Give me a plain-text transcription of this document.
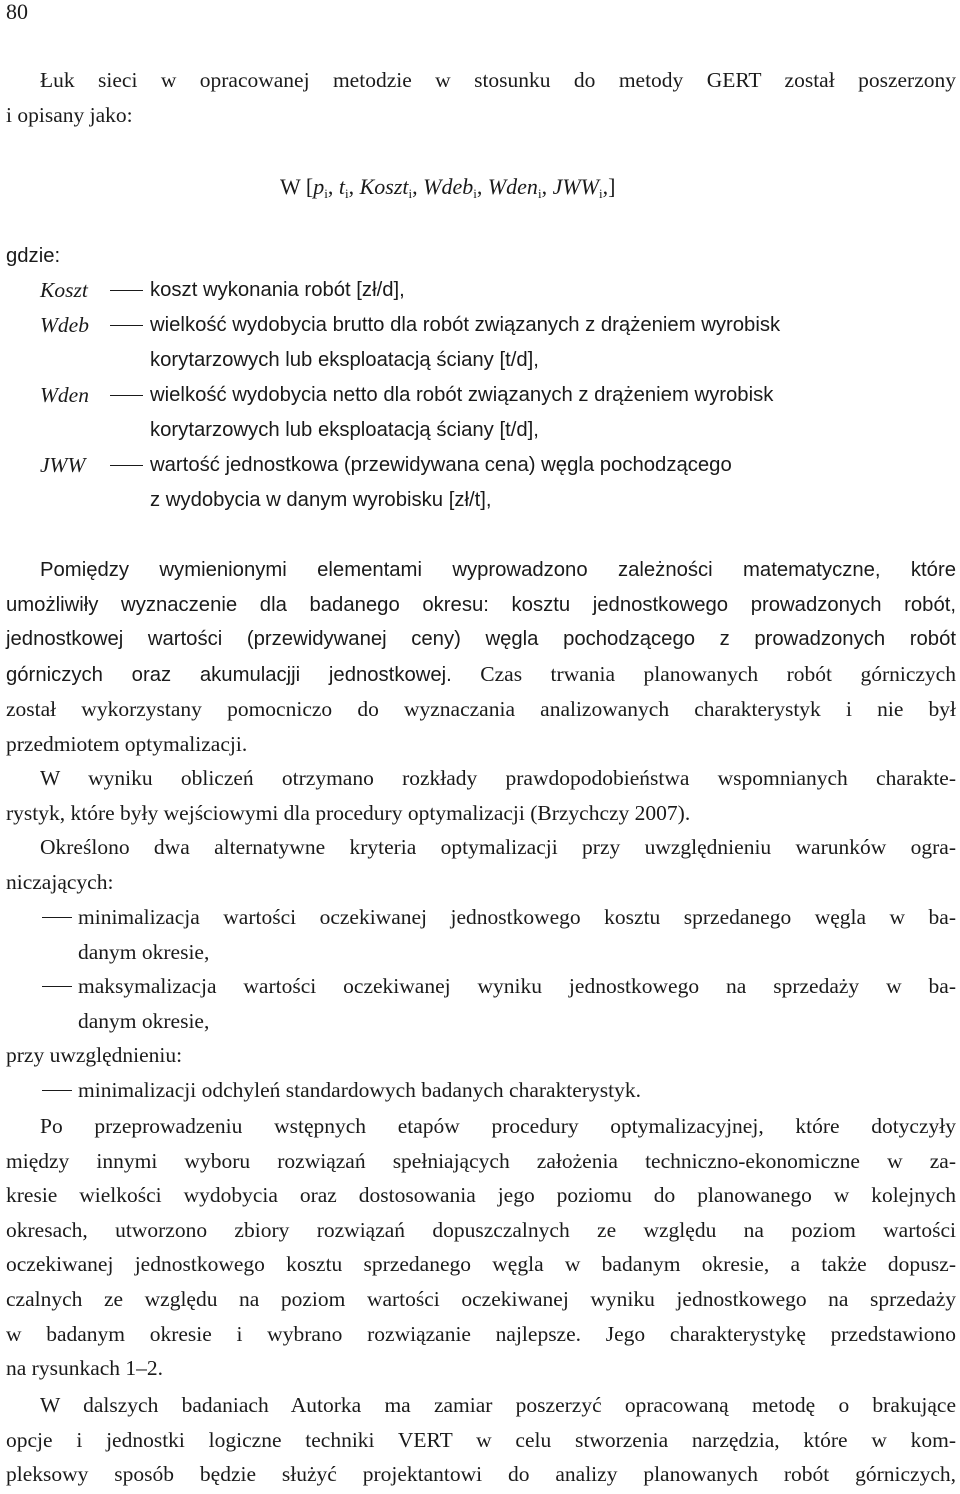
80
Łuk sieci w opracowanej metodzie w stosunku do metody GERT został poszerzony
i opisany jako:
W [$p_i$, $t_i$, Koszt$_i$, Wdeb$_i$, Wden$_i$, $JWW_i$,]
gdzie:
Koszt	koszt wykonania robót [zł/d],
Wdeb	wielkość wydobycia brutto dla robót związanych z drążeniem wyrobisk
korytarzowych lub eksploatacją ściany [t/d],
Wden	wielkość wydobycia netto dla robót związanych z drążeniem wyrobisk
korytarzowych lub eksploatacją ściany [t/d],
JWW	wartość jednostkowa (przewidywana cena) węgla pochodzącego
z wydobycia w danym wyrobisku [zł/t],
Pomiędzy wymienionymi elementami wyprowadzono zależności matematyczne, które
umożliwiły wyznaczenie dla badanego okresu: kosztu jednostkowego prowadzonych robót,
jednostkowej wartości (przewidywanej ceny) węgla pochodzącego z prowadzonych robót
górniczych oraz akumulacjji jednostkowej. Czas trwania planowanych robót górniczych
został wykorzystany pomocniczo do wyznaczania analizowanych charakterystyk i nie był
przedmiotem optymalizacji.
W wyniku obliczeń otrzymano rozkłady prawdopodobieństwa wspomnianych charakte-
rystyk, które były wejściowymi dla procedury optymalizacji (Brzychczy 2007).
Określono dwa alternatywne kryteria optymalizacji przy uwzględnieniu warunków ogra-
niczających:
minimalizacja wartości oczekiwanej jednostkowego kosztu sprzedanego węgla w ba-
danym okresie,
maksymalizacja wartości oczekiwanej wyniku jednostkowego na sprzedaży w ba-
danym okresie,
przy uwzględnieniu:
minimalizacji odchyleń standardowych badanych charakterystyk.
Po przeprowadzeniu wstępnych etapów procedury optymalizacyjnej, które dotyczyły
między innymi wyboru rozwiązań spełniających założenia techniczno-ekonomiczne w za-
kresie wielkości wydobycia oraz dostosowania jego poziomu do planowanego w kolejnych
okresach, utworzono zbiory rozwiązań dopuszczalnych ze względu na poziom wartości
oczekiwanej jednostkowego kosztu sprzedanego węgla w badanym okresie, a także dopusz-
czalnych ze względu na poziom wartości oczekiwanej wyniku jednostkowego na sprzedaży
w badanym okresie i wybrano rozwiązanie najlepsze. Jego charakterystykę przedstawiono
na rysunkach 1–2.
W dalszych badaniach Autorka ma zamiar poszerzyć opracowaną metodę o brakujące
opcje i jednostki logiczne techniki VERT w celu stworzenia narzędzia, które w kom-
pleksowy sposób będzie służyć projektantowi do analizy planowanych robót górniczych,
